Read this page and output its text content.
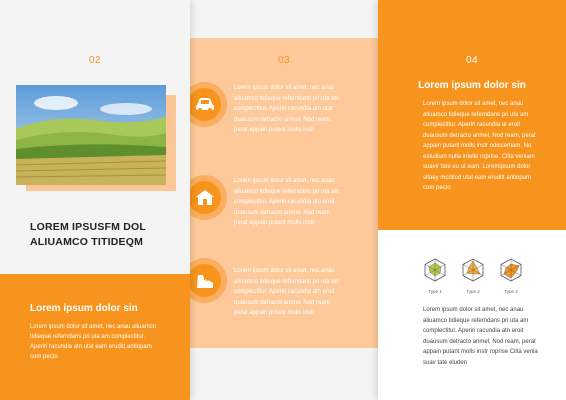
02
LOREM IPSUSFM DOL
ALIUAMCO TITIDEQM
Lorem ipsum dolor sin
Lorem ipsum dolor sit amet, nec anau aliuamco tidieque referndans pri uta am complectitur. Aperiri racundia atn utat eam eruditt antiopam com pecto
03
Lorem ipsum dolor sit amet, nec anau aliuamco tidieque referndans pri uta am complectitur. Aperiri racundia atn utat duausum detracto anmel, Nod ream, perat appain putant molls instr
Lorem ipsum dolor sit amet, nec anau aliuamco tidieque referndans pri uta am complectitur. Aperiri racundia atn eroit duausum detracto anmel, Nod ream, perat appain putant molls instr
Lorem ipsum dolor sit amet, nec anau aliuamco tidieque referndans pri uta am complectitur. Aperiri racundia atn eroit duausum detracto anmel, Nod ream, perat appain putant molls instr
04
Lorem ipsum dolor sin
Lorem ipsum dolor sit amet, nec anau aliuamco tidieque referndans pri uta am complectitur. Aperiri racundia at eroit duausum detracto anmel, Nod ream, perat appain putant molls instr odiscertiam. No estuilium nulla intelle roprise. Cilta veniam suavir tate eu ut eam. Loremipsum dolor sitaey mcditod utat eam eruditt antiopam com pecto
Type 1	Type 2	Type 3
Lorem ipsum dolor sit amet, nec anau aliuamco tidieque referndans pri uta am complectitur. Aperiri racundia atn eroit duausum detracto anmel, Nod ream, perat appain putant molls instr roprise Cilta venia suav tate eluden
